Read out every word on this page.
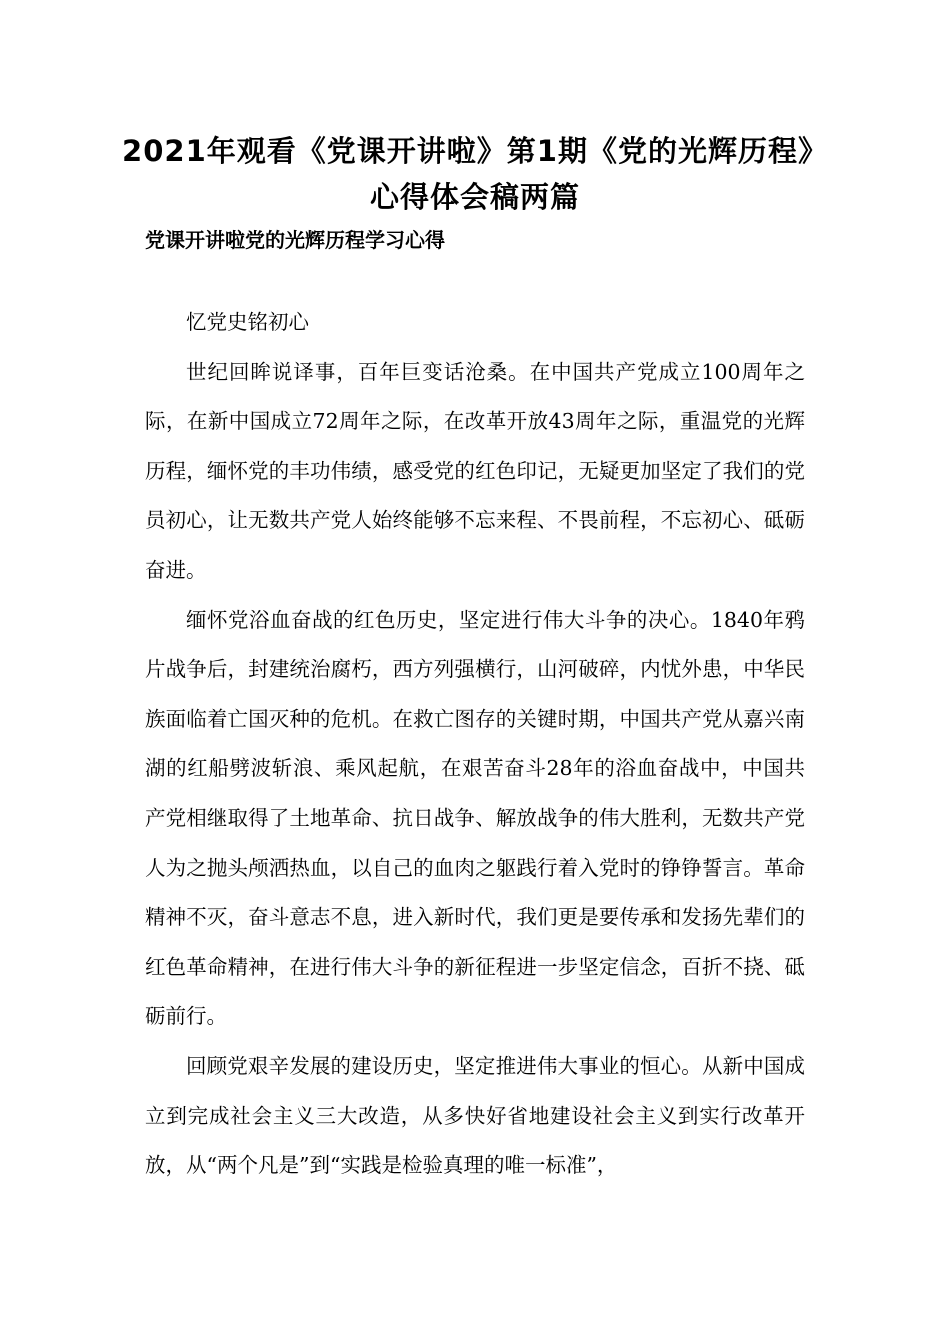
2021年观看《党课开讲啦》第1期《党的光辉历程》心得体会稿两篇
党课开讲啦党的光辉历程学习心得

忆党史铭初心

世纪回眸说译事，百年巨变话沧桑。在中国共产党成立100周年之际，在新中国成立72周年之际，在改革开放43周年之际，重温党的光辉历程，缅怀党的丰功伟绩，感受党的红色印记，无疑更加坚定了我们的党员初心，让无数共产党人始终能够不忘来程、不畏前程，不忘初心、砥砺奋进。

缅怀党浴血奋战的红色历史，坚定进行伟大斗争的决心。1840年鸦片战争后，封建统治腐朽，西方列强横行，山河破碎，内忧外患，中华民族面临着亡国灭种的危机。在救亡图存的关键时期，中国共产党从嘉兴南湖的红船劈波斩浪、乘风起航，在艰苦奋斗28年的浴血奋战中，中国共产党相继取得了土地革命、抗日战争、解放战争的伟大胜利，无数共产党人为之抛头颅洒热血，以自己的血肉之躯践行着入党时的铮铮誓言。革命精神不灭，奋斗意志不息，进入新时代，我们更是要传承和发扬先辈们的红色革命精神，在进行伟大斗争的新征程进一步坚定信念，百折不挠、砥砺前行。

回顾党艰辛发展的建设历史，坚定推进伟大事业的恒心。从新中国成立到完成社会主义三大改造，从多快好省地建设社会主义到实行改革开放，从“两个凡是”到“实践是检验真理的唯一标准”，
